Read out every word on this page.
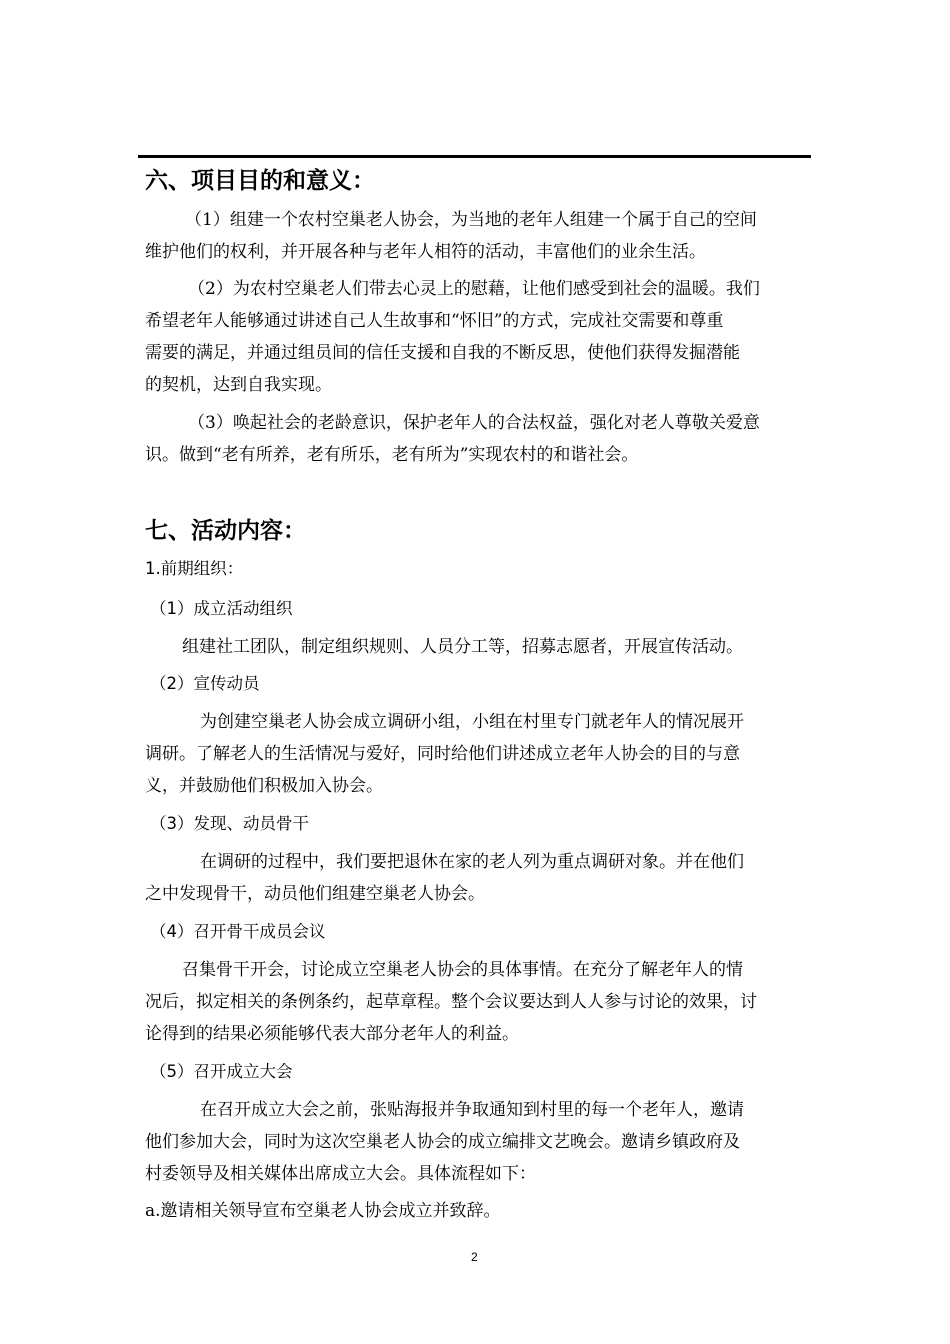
六、项目目的和意义：
（1）组建一个农村空巢老人协会，为当地的老年人组建一个属于自己的空间
维护他们的权利，并开展各种与老年人相符的活动，丰富他们的业余生活。
（2）为农村空巢老人们带去心灵上的慰藉，让他们感受到社会的温暖。我们
希望老年人能够通过讲述自己人生故事和“怀旧”的方式，完成社交需要和尊重
需要的满足，并通过组员间的信任支援和自我的不断反思，使他们获得发掘潜能
的契机，达到自我实现。
（3）唤起社会的老龄意识，保护老年人的合法权益，强化对老人尊敬关爱意
识。做到“老有所养，老有所乐，老有所为”实现农村的和谐社会。
七、活动内容：
1.前期组织：
（1）成立活动组织
组建社工团队，制定组织规则、人员分工等，招募志愿者，开展宣传活动。
（2）宣传动员
为创建空巢老人协会成立调研小组，小组在村里专门就老年人的情况展开
调研。了解老人的生活情况与爱好，同时给他们讲述成立老年人协会的目的与意
义，并鼓励他们积极加入协会。
（3）发现、动员骨干
在调研的过程中，我们要把退休在家的老人列为重点调研对象。并在他们
之中发现骨干，动员他们组建空巢老人协会。
（4）召开骨干成员会议
召集骨干开会，讨论成立空巢老人协会的具体事情。在充分了解老年人的情
况后，拟定相关的条例条约，起草章程。整个会议要达到人人参与讨论的效果，讨
论得到的结果必须能够代表大部分老年人的利益。
（5）召开成立大会
在召开成立大会之前，张贴海报并争取通知到村里的每一个老年人，邀请
他们参加大会，同时为这次空巢老人协会的成立编排文艺晚会。邀请乡镇政府及
村委领导及相关媒体出席成立大会。具体流程如下：
a.邀请相关领导宣布空巢老人协会成立并致辞。
2
